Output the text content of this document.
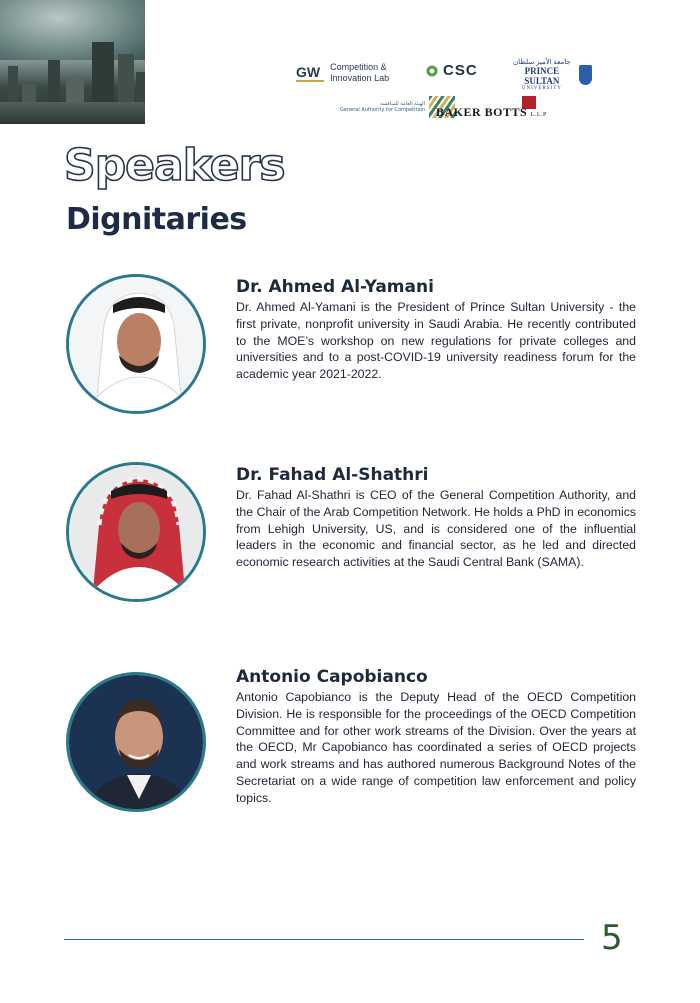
GW	Competition &
Innovation Lab	CSC	جامعة الأمير سلطان
PRINCE SULTAN
UNIVERSITY
الهيئة العامة للمنافسة
General Authority for Competition BAKER BOTTS L.L.P
Speakers
Dignitaries
Dr. Ahmed Al-Yamani

Dr. Ahmed Al-Yamani is the President of Prince Sultan University - the first private, nonprofit university in Saudi Arabia. He recently contributed to the MOE’s workshop on new regulations for private colleges and universities and to a post-COVID-19 university readiness forum for the academic year 2021-2022.

Dr. Fahad Al-Shathri

Dr. Fahad Al-Shathri is CEO of the General Competition Authority, and the Chair of the Arab Competition Network. He holds a PhD in economics from Lehigh University, US, and is considered one of the influential leaders in the economic and financial sector, as he led and directed economic research activities at the Saudi Central Bank (SAMA).

Antonio Capobianco

Antonio Capobianco is the Deputy Head of the OECD Competition Division. He is responsible for the proceedings of the OECD Competition Committee and for other work streams of the Division. Over the years at the OECD, Mr Capobianco has coordinated a series of OECD projects and work streams and has authored numerous Background Notes of the Secretariat on a wide range of competition law enforcement and policy topics.

5
